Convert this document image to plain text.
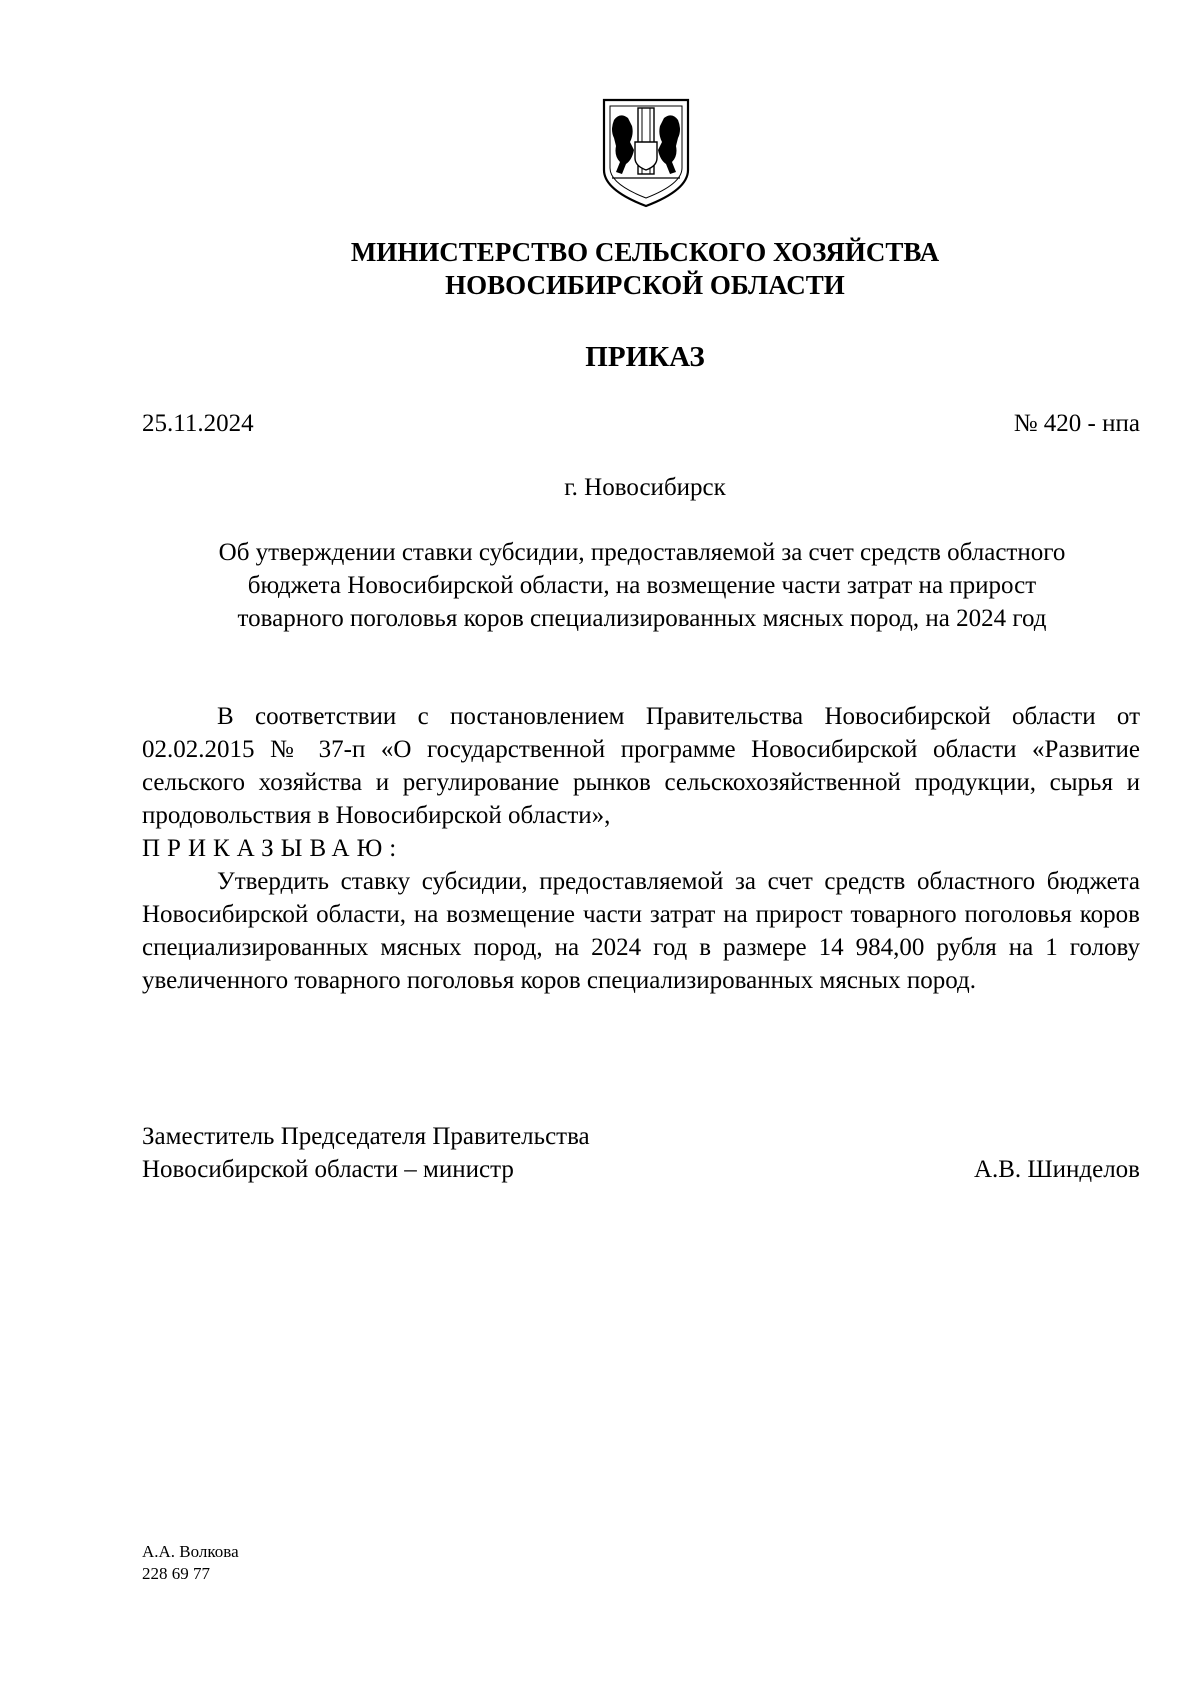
МИНИСТЕРСТВО СЕЛЬСКОГО ХОЗЯЙСТВА
НОВОСИБИРСКОЙ ОБЛАСТИ
ПРИКАЗ
25.11.2024	№ 420 - нпа
г. Новосибирск
Об утверждении ставки субсидии, предоставляемой за счет средств областного
бюджета Новосибирской области, на возмещение части затрат на прирост
товарного поголовья коров специализированных мясных пород, на 2024 год

В соответствии с постановлением Правительства Новосибирской области от 02.02.2015 № 37-п «О государственной программе Новосибирской области «Развитие сельского хозяйства и регулирование рынков сельскохозяйственной продукции, сырья и продовольствия в Новосибирской области»,

ПРИКАЗЫВАЮ:

Утвердить ставку субсидии, предоставляемой за счет средств областного бюджета Новосибирской области, на возмещение части затрат на прирост товарного поголовья коров специализированных мясных пород, на 2024 год в размере 14 984,00 рубля на 1 голову увеличенного товарного поголовья коров специализированных мясных пород.

Заместитель Председателя Правительства
Новосибирской области – министр	А.В. Шинделов
А.А. Волкова
228 69 77
